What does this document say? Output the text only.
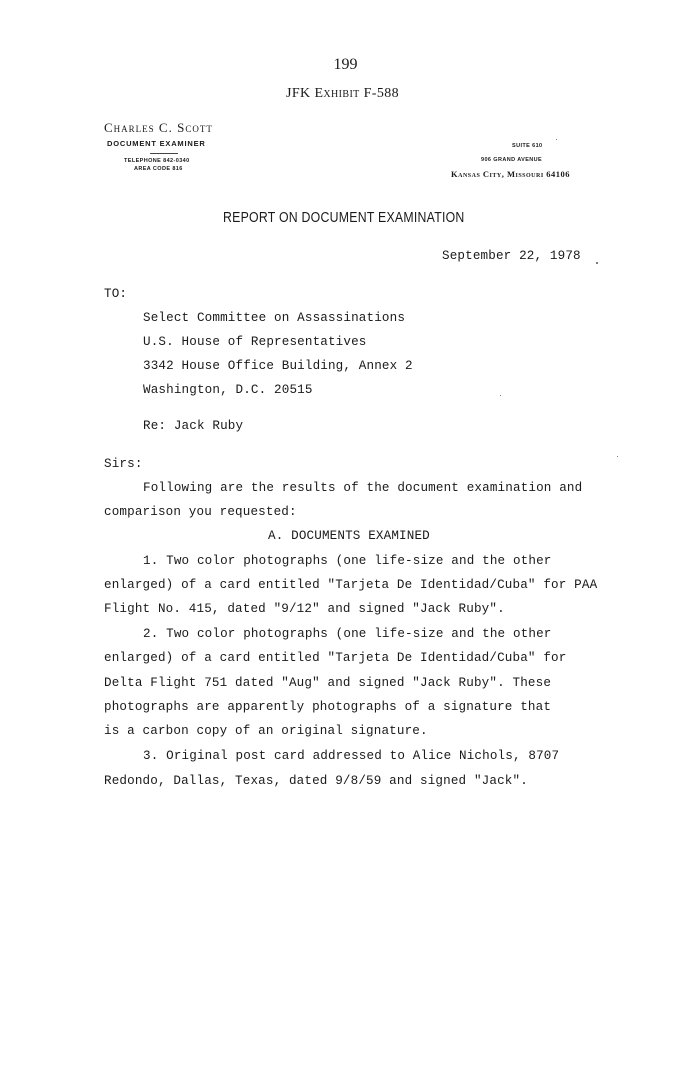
199
JFK Exhibit F-588
Charles C. Scott
DOCUMENT EXAMINER
TELEPHONE 842-0340
AREA CODE 816
SUITE 610
906 GRAND AVENUE
Kansas City, Missouri 64106
REPORT ON DOCUMENT EXAMINATION
September 22, 1978
TO:
Select Committee on Assassinations
U.S. House of Representatives
3342 House Office Building, Annex 2
Washington, D.C. 20515
Re: Jack Ruby
Sirs:
Following are the results of the document examination and
comparison you requested:
A. DOCUMENTS EXAMINED
1. Two color photographs (one life-size and the other
enlarged) of a card entitled "Tarjeta De Identidad/Cuba" for PAA
Flight No. 415, dated "9/12" and signed "Jack Ruby".
2. Two color photographs (one life-size and the other
enlarged) of a card entitled "Tarjeta De Identidad/Cuba" for
Delta Flight 751 dated "Aug" and signed "Jack Ruby". These
photographs are apparently photographs of a signature that
is a carbon copy of an original signature.
3. Original post card addressed to Alice Nichols, 8707
Redondo, Dallas, Texas, dated 9/8/59 and signed "Jack".
